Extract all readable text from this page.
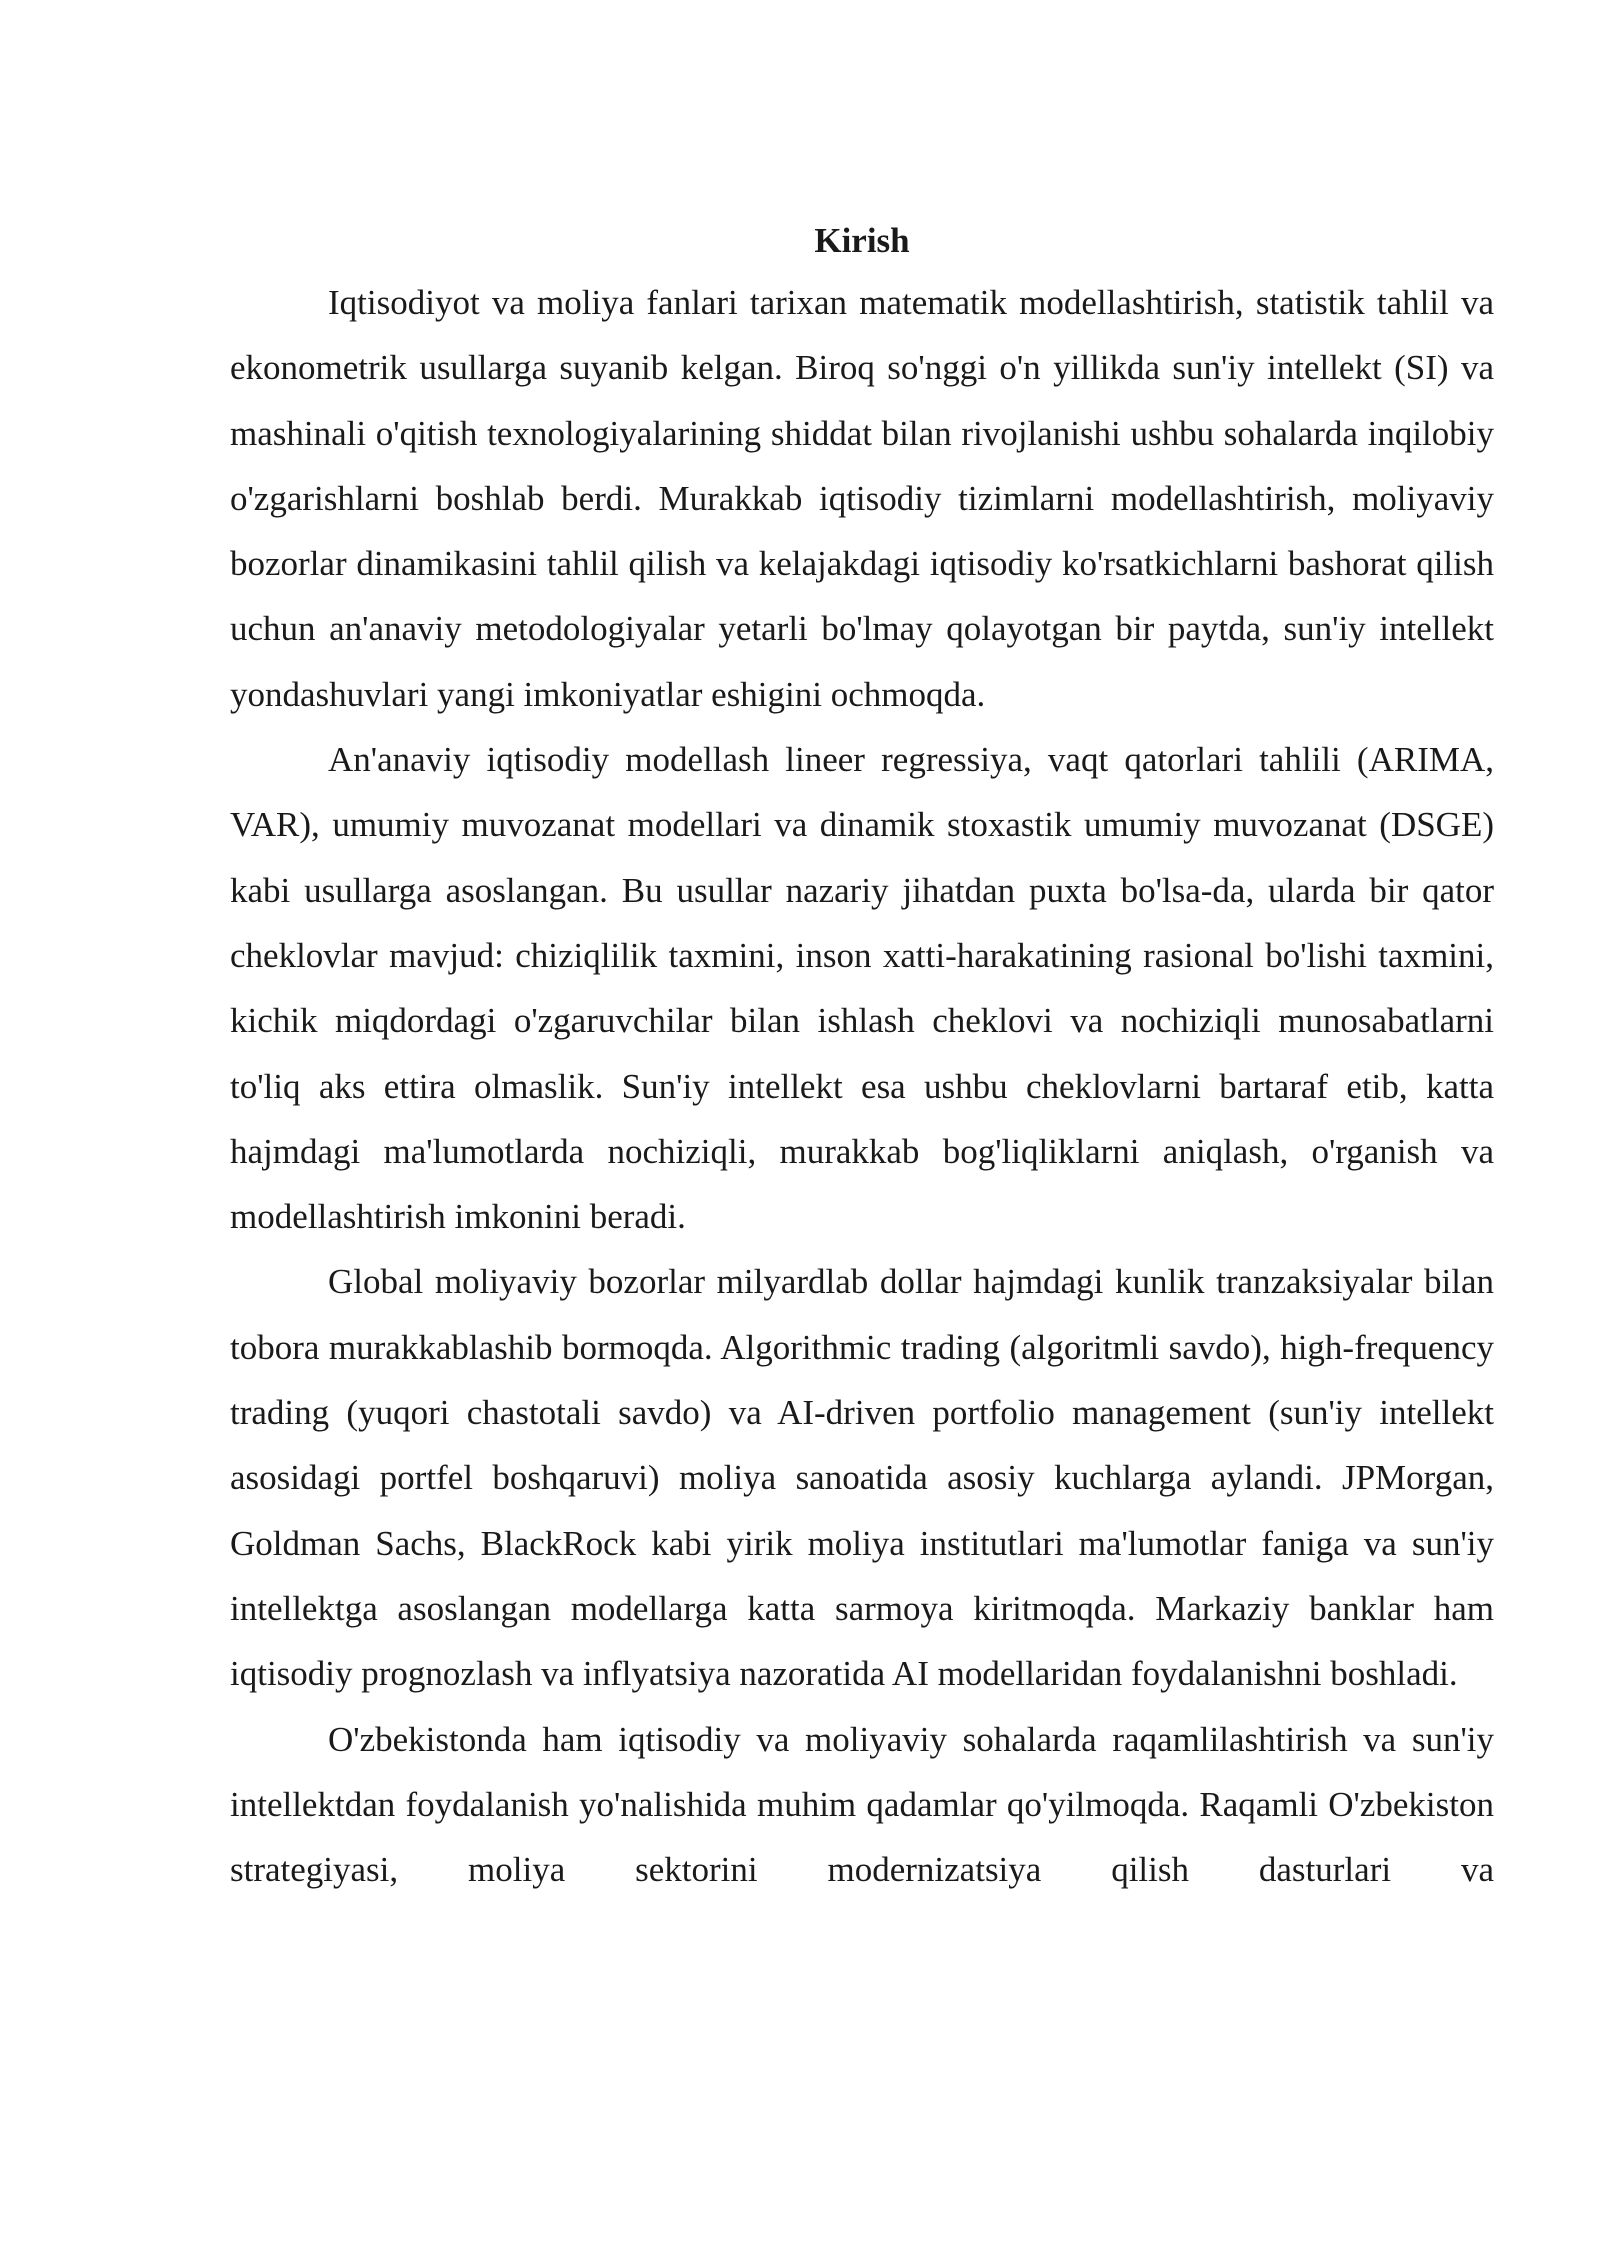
Kirish

Iqtisodiyot va moliya fanlari tarixan matematik modellashtirish, statistik tahlil va ekonometrik usullarga suyanib kelgan. Biroq so'nggi o'n yillikda sun'iy intellekt (SI) va mashinali o'qitish texnologiyalarining shiddat bilan rivojlanishi ushbu sohalarda inqilobiy o'zgarishlarni boshlab berdi. Murakkab iqtisodiy tizimlarni modellashtirish, moliyaviy bozorlar dinamikasini tahlil qilish va kelajakdagi iqtisodiy ko'rsatkichlarni bashorat qilish uchun an'anaviy metodologiyalar yetarli bo'lmay qolayotgan bir paytda, sun'iy intellekt yondashuvlari yangi imkoniyatlar eshigini ochmoqda.

An'anaviy iqtisodiy modellash lineer regressiya, vaqt qatorlari tahlili (ARIMA, VAR), umumiy muvozanat modellari va dinamik stoxastik umumiy muvozanat (DSGE) kabi usullarga asoslangan. Bu usullar nazariy jihatdan puxta bo'lsa-da, ularda bir qator cheklovlar mavjud: chiziqlilik taxmini, inson xatti-harakatining rasional bo'lishi taxmini, kichik miqdordagi o'zgaruvchilar bilan ishlash cheklovi va nochiziqli munosabatlarni to'liq aks ettira olmaslik. Sun'iy intellekt esa ushbu cheklovlarni bartaraf etib, katta hajmdagi ma'lumotlarda nochiziqli, murakkab bog'liqliklarni aniqlash, o'rganish va modellashtirish imkonini beradi.

Global moliyaviy bozorlar milyardlab dollar hajmdagi kunlik tranzaksiyalar bilan tobora murakkablashib bormoqda. Algorithmic trading (algoritmli savdo), high-frequency trading (yuqori chastotali savdo) va AI-driven portfolio management (sun'iy intellekt asosidagi portfel boshqaruvi) moliya sanoatida asosiy kuchlarga aylandi. JPMorgan, Goldman Sachs, BlackRock kabi yirik moliya institutlari ma'lumotlar faniga va sun'iy intellektga asoslangan modellarga katta sarmoya kiritmoqda. Markaziy banklar ham iqtisodiy prognozlash va inflyatsiya nazoratida AI modellaridan foydalanishni boshladi.

O'zbekistonda ham iqtisodiy va moliyaviy sohalarda raqamlilashtirish va sun'iy intellektdan foydalanish yo'nalishida muhim qadamlar qo'yilmoqda. Raqamli O'zbekiston strategiyasi, moliya sektorini modernizatsiya qilish dasturlari va
